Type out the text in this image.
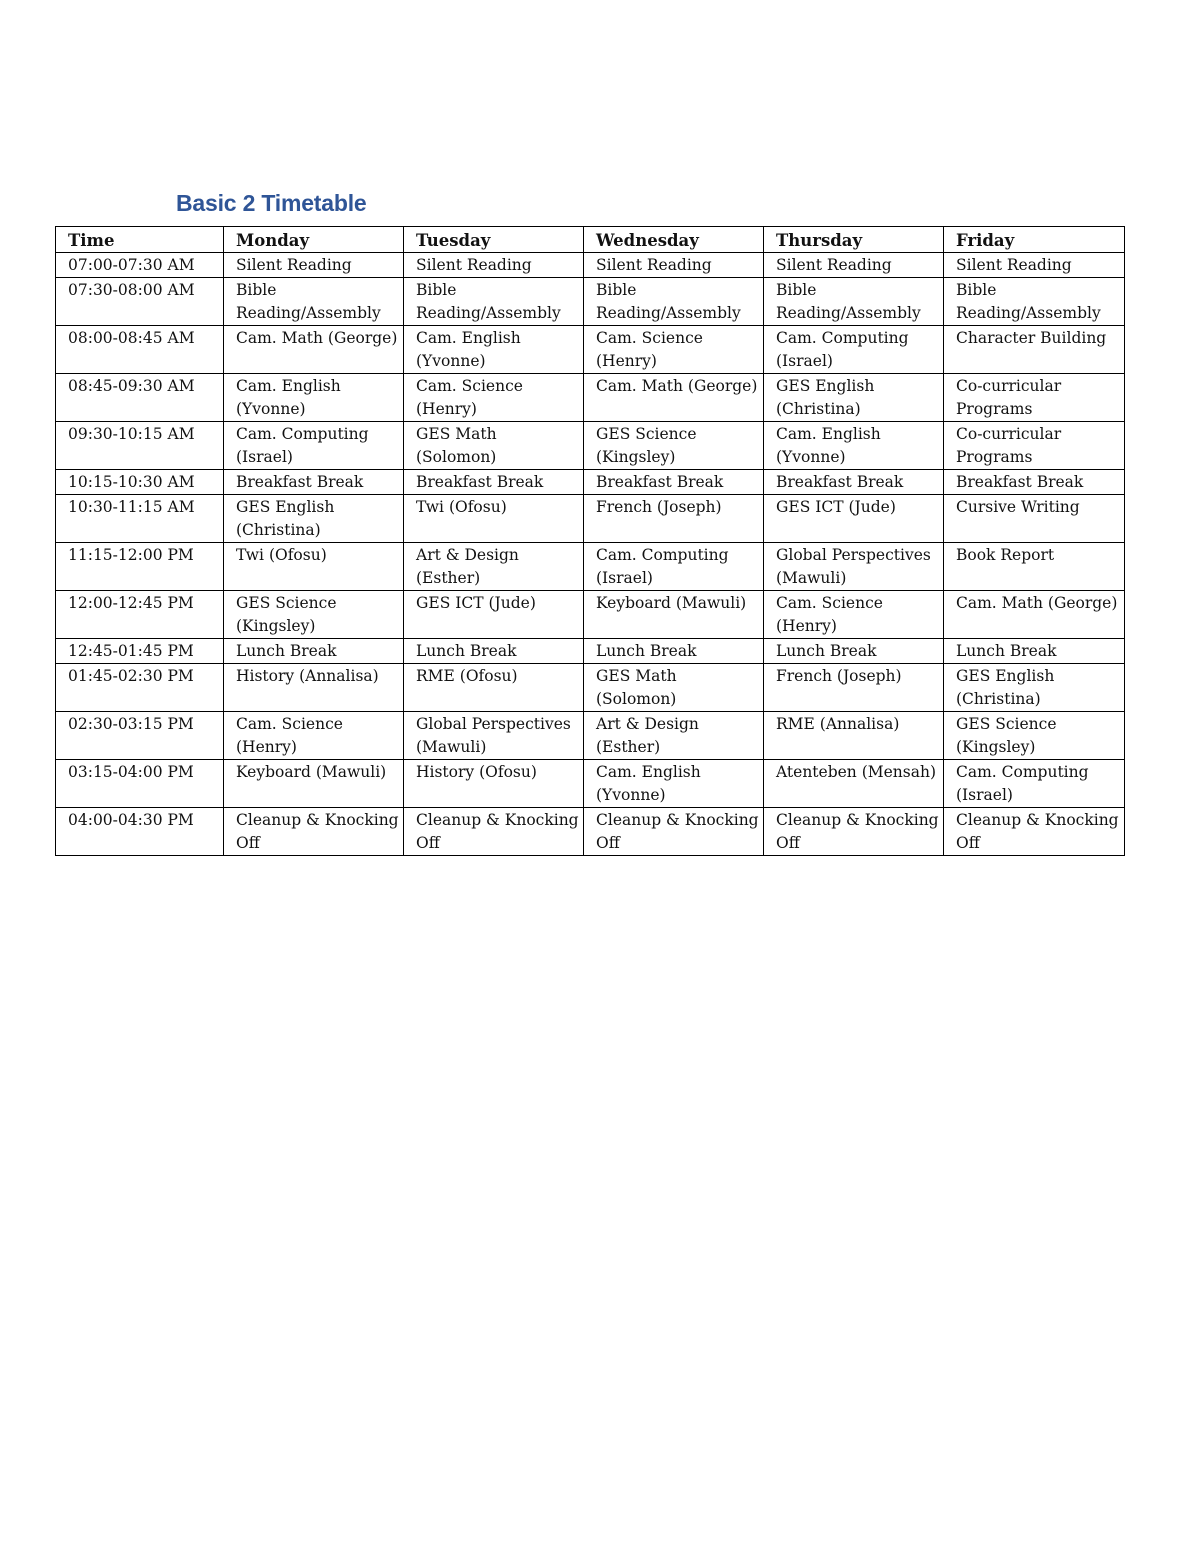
Basic 2 Timetable
Time	Monday	Tuesday	Wednesday	Thursday	Friday
07:00-07:30 AM	Silent Reading	Silent Reading	Silent Reading	Silent Reading	Silent Reading
07:30-08:00 AM	Bible Reading/Assembly	Bible Reading/Assembly	Bible Reading/Assembly	Bible Reading/Assembly	Bible Reading/Assembly
08:00-08:45 AM	Cam. Math (George)	Cam. English (Yvonne)	Cam. Science (Henry)	Cam. Computing (Israel)	Character Building
08:45-09:30 AM	Cam. English (Yvonne)	Cam. Science (Henry)	Cam. Math (George)	GES English (Christina)	Co-curricular Programs
09:30-10:15 AM	Cam. Computing (Israel)	GES Math (Solomon)	GES Science (Kingsley)	Cam. English (Yvonne)	Co-curricular Programs
10:15-10:30 AM	Breakfast Break	Breakfast Break	Breakfast Break	Breakfast Break	Breakfast Break
10:30-11:15 AM	GES English (Christina)	Twi (Ofosu)	French (Joseph)	GES ICT (Jude)	Cursive Writing
11:15-12:00 PM	Twi (Ofosu)	Art & Design (Esther)	Cam. Computing (Israel)	Global Perspectives (Mawuli)	Book Report
12:00-12:45 PM	GES Science (Kingsley)	GES ICT (Jude)	Keyboard (Mawuli)	Cam. Science (Henry)	Cam. Math (George)
12:45-01:45 PM	Lunch Break	Lunch Break	Lunch Break	Lunch Break	Lunch Break
01:45-02:30 PM	History (Annalisa)	RME (Ofosu)	GES Math (Solomon)	French (Joseph)	GES English (Christina)
02:30-03:15 PM	Cam. Science (Henry)	Global Perspectives (Mawuli)	Art & Design (Esther)	RME (Annalisa)	GES Science (Kingsley)
03:15-04:00 PM	Keyboard (Mawuli)	History (Ofosu)	Cam. English (Yvonne)	Atenteben (Mensah)	Cam. Computing (Israel)
04:00-04:30 PM	Cleanup & Knocking Off	Cleanup & Knocking Off	Cleanup & Knocking Off	Cleanup & Knocking Off	Cleanup & Knocking Off
